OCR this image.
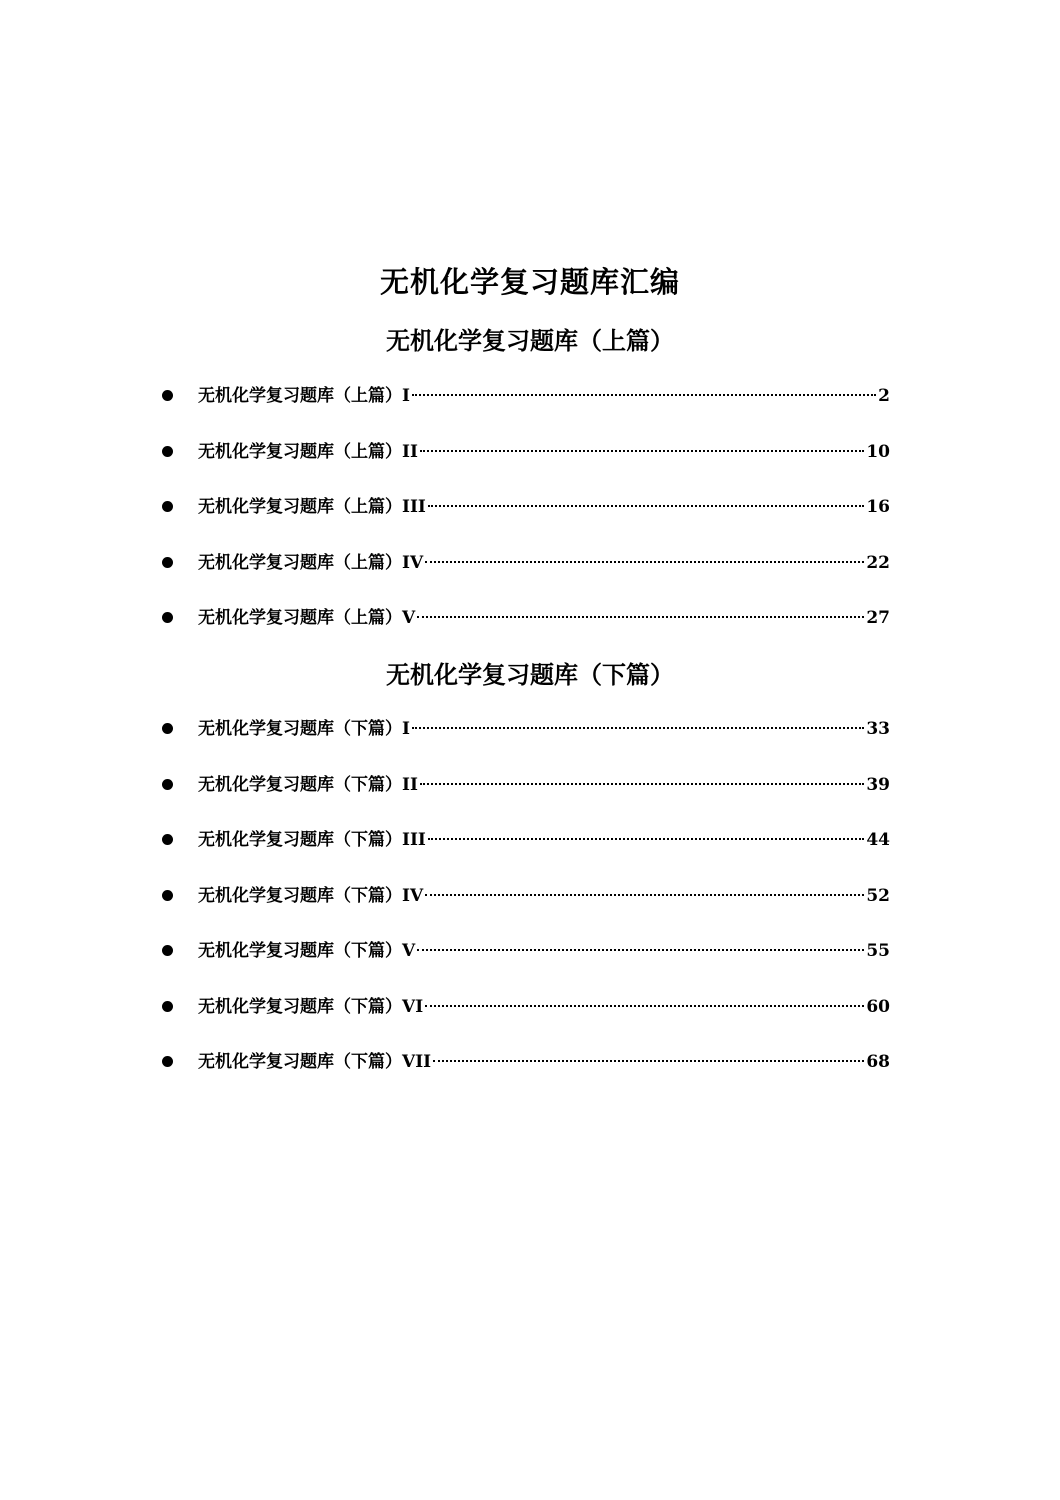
无机化学复习题库汇编
无机化学复习题库（上篇）
无机化学复习题库（上篇）I	2
无机化学复习题库（上篇）II	10
无机化学复习题库（上篇）III	16
无机化学复习题库（上篇）IV	22
无机化学复习题库（上篇）V	27
无机化学复习题库（下篇）
无机化学复习题库（下篇）I	33
无机化学复习题库（下篇）II	39
无机化学复习题库（下篇）III	44
无机化学复习题库（下篇）IV	52
无机化学复习题库（下篇）V	55
无机化学复习题库（下篇）VI	60
无机化学复习题库（下篇）VII	68
